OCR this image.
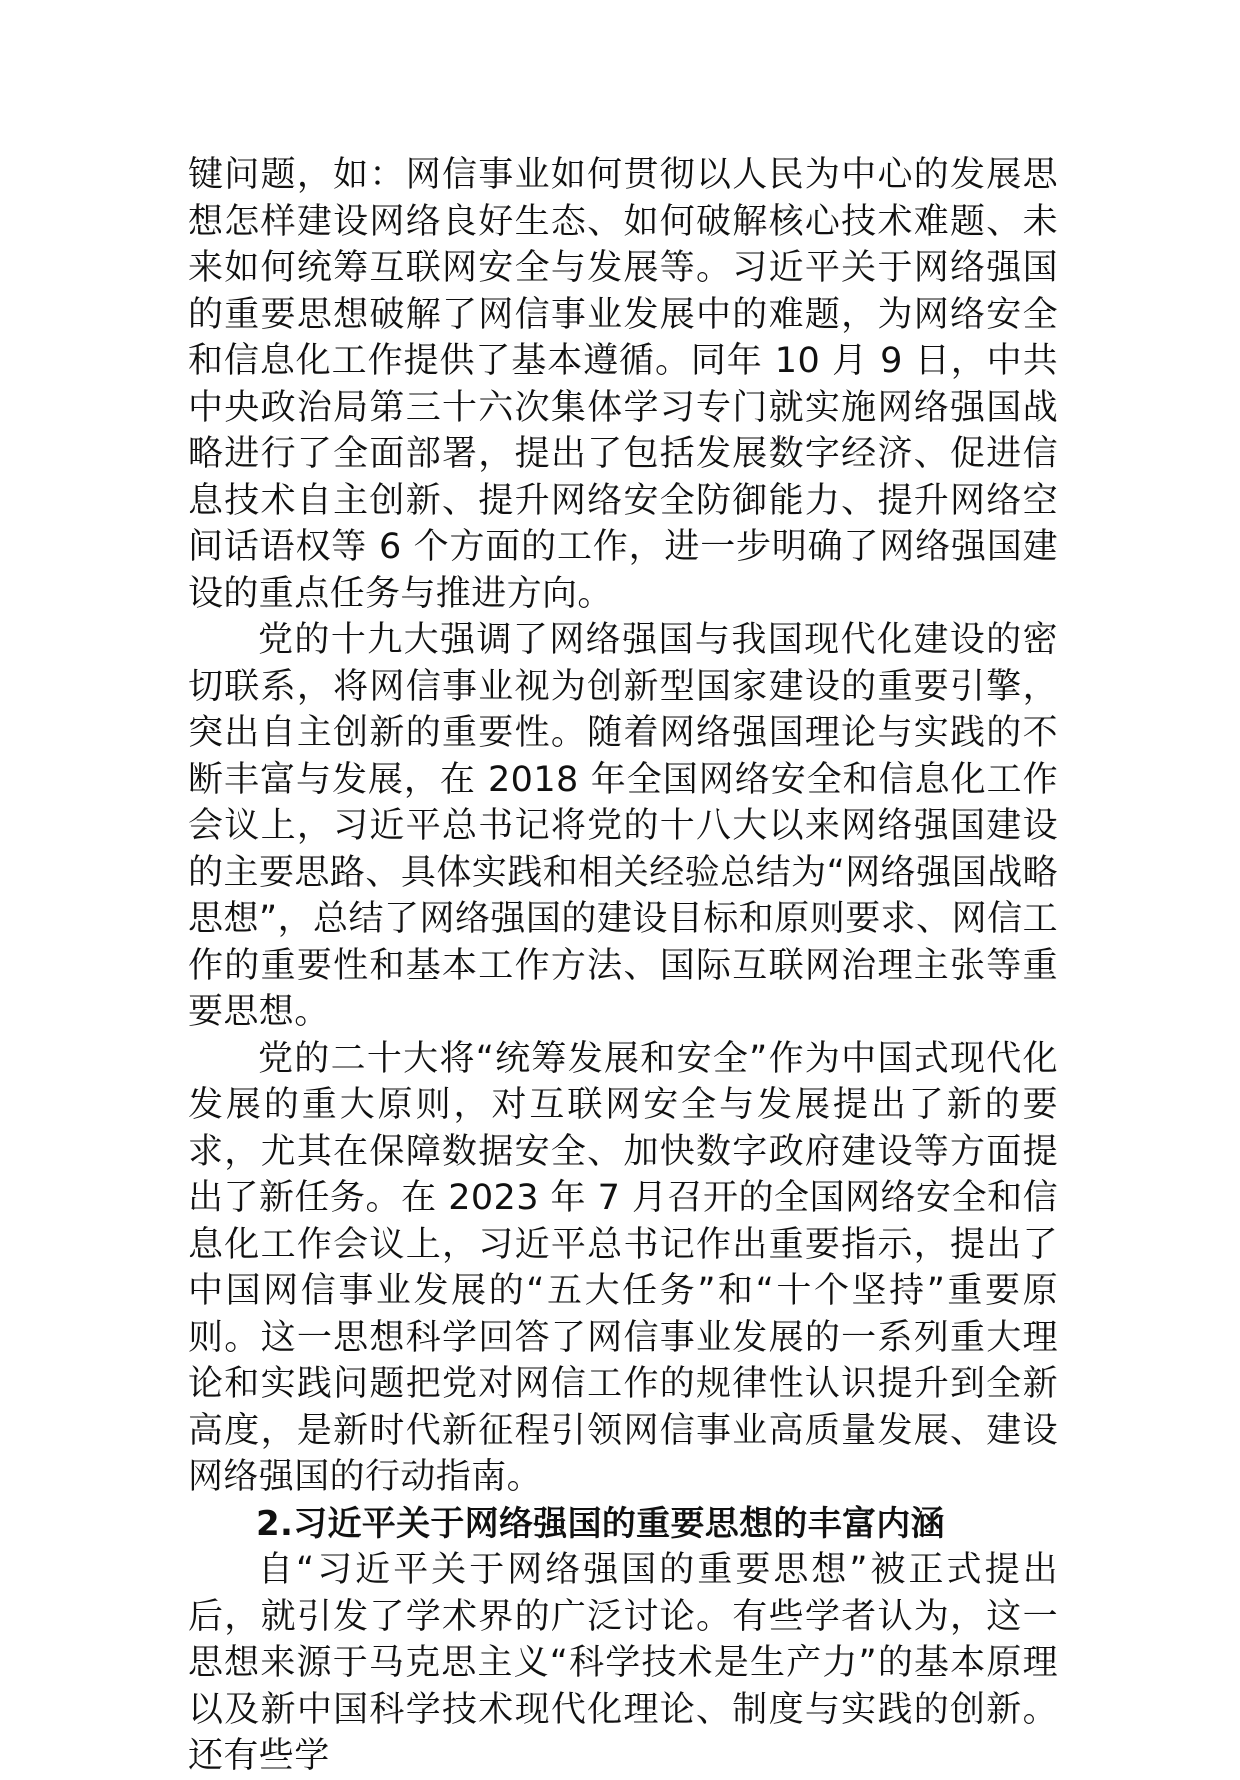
键问题，如：网信事业如何贯彻以人民为中心的发展思想怎样建设网络良好生态、如何破解核心技术难题、未来如何统筹互联网安全与发展等。习近平关于网络强国的重要思想破解了网信事业发展中的难题，为网络安全和信息化工作提供了基本遵循。同年 10 月 9 日，中共中央政治局第三十六次集体学习专门就实施网络强国战略进行了全面部署，提出了包括发展数字经济、促进信息技术自主创新、提升网络安全防御能力、提升网络空间话语权等 6 个方面的工作，进一步明确了网络强国建设的重点任务与推进方向。

党的十九大强调了网络强国与我国现代化建设的密切联系，将网信事业视为创新型国家建设的重要引擎，突出自主创新的重要性。随着网络强国理论与实践的不断丰富与发展，在 2018 年全国网络安全和信息化工作会议上，习近平总书记将党的十八大以来网络强国建设的主要思路、具体实践和相关经验总结为“网络强国战略思想”，总结了网络强国的建设目标和原则要求、网信工作的重要性和基本工作方法、国际互联网治理主张等重要思想。

党的二十大将“统筹发展和安全”作为中国式现代化发展的重大原则，对互联网安全与发展提出了新的要求，尤其在保障数据安全、加快数字政府建设等方面提出了新任务。在 2023 年 7 月召开的全国网络安全和信息化工作会议上，习近平总书记作出重要指示，提出了中国网信事业发展的“五大任务”和“十个坚持”重要原则。这一思想科学回答了网信事业发展的一系列重大理论和实践问题把党对网信工作的规律性认识提升到全新高度，是新时代新征程引领网信事业高质量发展、建设网络强国的行动指南。

2.习近平关于网络强国的重要思想的丰富内涵

自“习近平关于网络强国的重要思想”被正式提出后，就引发了学术界的广泛讨论。有些学者认为，这一思想来源于马克思主义“科学技术是生产力”的基本原理以及新中国科学技术现代化理论、制度与实践的创新。还有些学
